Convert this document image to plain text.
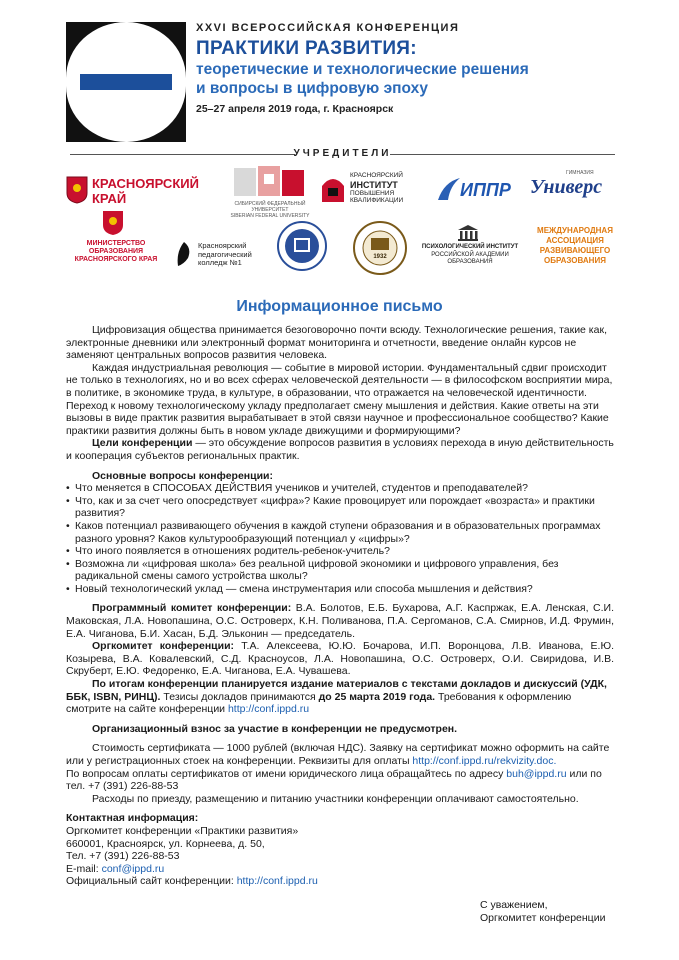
XXVI ВСЕРОССИЙСКАЯ КОНФЕРЕНЦИЯ
ПРАКТИКИ РАЗВИТИЯ:
теоретические и технологические решения
и вопросы в цифровую эпоху
25–27 апреля 2019 года, г. Красноярск
УЧРЕДИТЕЛИ
КРАСНОЯРСКИЙ
КРАЙ	СИБИРСКИЙ ФЕДЕРАЛЬНЫЙ УНИВЕРСИТЕТ
SIBERIAN FEDERAL UNIVERSITY
КРАСНОЯРСКИЙ
ИНСТИТУТ
ПОВЫШЕНИЯ
КВАЛИФИКАЦИИ
ИППР
ГИМНАЗИЯ
Универс
МИНИСТЕРСТВО
ОБРАЗОВАНИЯ
КРАСНОЯРСКОГО КРАЯ
Красноярский
педагогический
колледж №1
1932
ПСИХОЛОГИЧЕСКИЙ ИНСТИТУТ
РОССИЙСКОЙ АКАДЕМИИ
ОБРАЗОВАНИЯ
МЕЖДУНАРОДНАЯ
АССОЦИАЦИЯ
РАЗВИВАЮЩЕГО
ОБРАЗОВАНИЯ
Информационное письмо

Цифровизация общества принимается безоговорочно почти всюду. Технологические решения, такие как, электронные дневники или электронный формат мониторинга и отчетности, введение онлайн курсов не заменяют центральных вопросов развития человека.

Каждая индустриальная революция — событие в мировой истории. Фундаментальный сдвиг происходит не только в технологиях, но и во всех сферах человеческой деятельности — в философском восприятии мира, в политике, в экономике труда, в культуре, в образовании, что отражается на человеческой идентичности. Переход к новому технологическому укладу предполагает смену мышления и действия. Какие ответы на эти вызовы в виде практик развития вырабатывает в этой связи научное и профессиональное сообщество? Какие практики развития должны быть в новом укладе движущими и формирующими?

Цели конференции — это обсуждение вопросов развития в условиях перехода в иную действительность и кооперация субъектов региональных практик.

Основные вопросы конференции:

• Что меняется в СПОСОБАХ ДЕЙСТВИЯ учеников и учителей, студентов и преподавателей?
• Что, как и за счет чего опосредствует «цифра»? Какие провоцирует или порождает «возраста» и практики развития?
• Каков потенциал развивающего обучения в каждой ступени образования и в образовательных программах разного уровня? Каков культурообразующий потенциал у «цифры»?
• Что иного появляется в отношениях родитель-ребенок-учитель?
• Возможна ли «цифровая школа» без реальной цифровой экономики и цифрового управления, без радикальной смены самого устройства школы?
• Новый технологический уклад — смена инструментария или способа мышления и действия?

Программный комитет конференции: В.А. Болотов, Е.Б. Бухарова, А.Г. Каспржак, Е.А. Ленская, С.И. Маковская, Л.А. Новопашина, О.С. Островерх, К.Н. Поливанова, П.А. Сергоманов, С.А. Смирнов, И.Д. Фрумин, Е.А. Чиганова, Б.И. Хасан, Б.Д. Эльконин — председатель.

Оргкомитет конференции: Т.А. Алексеева, Ю.Ю. Бочарова, И.П. Воронцова, Л.В. Иванова, Е.Ю. Козырева, В.А. Ковалевский, С.Д. Красноусов, Л.А. Новопашина, О.С. Островерх, О.И. Свиридова, И.В. Скруберт, Е.Ю. Федоренко, Е.А. Чиганова, Е.А. Чувашева.

По итогам конференции планируется издание материалов с текстами докладов и дискуссий (УДК, ББК, ISBN, РИНЦ). Тезисы докладов принимаются до 25 марта 2019 года. Требования к оформлению смотрите на сайте конференции http://conf.ippd.ru

Организационный взнос за участие в конференции не предусмотрен.

Стоимость сертификата — 1000 рублей (включая НДС). Заявку на сертификат можно оформить на сайте или у регистрационных стоек на конференции. Реквизиты для оплаты http://conf.ippd.ru/rekvizity.doc.

По вопросам оплаты сертификатов от имени юридического лица обращайтесь по адресу buh@ippd.ru или по тел. +7 (391) 226-88-53

Расходы по приезду, размещению и питанию участники конференции оплачивают самостоятельно.

Контактная информация:

Оргкомитет конференции «Практики развития»

660001, Красноярск, ул. Корнеева, д. 50,

Тел. +7 (391) 226-88-53

E-mail: conf@ippd.ru

Официальный сайт конференции: http://conf.ippd.ru

С уважением,

Оргкомитет конференции
